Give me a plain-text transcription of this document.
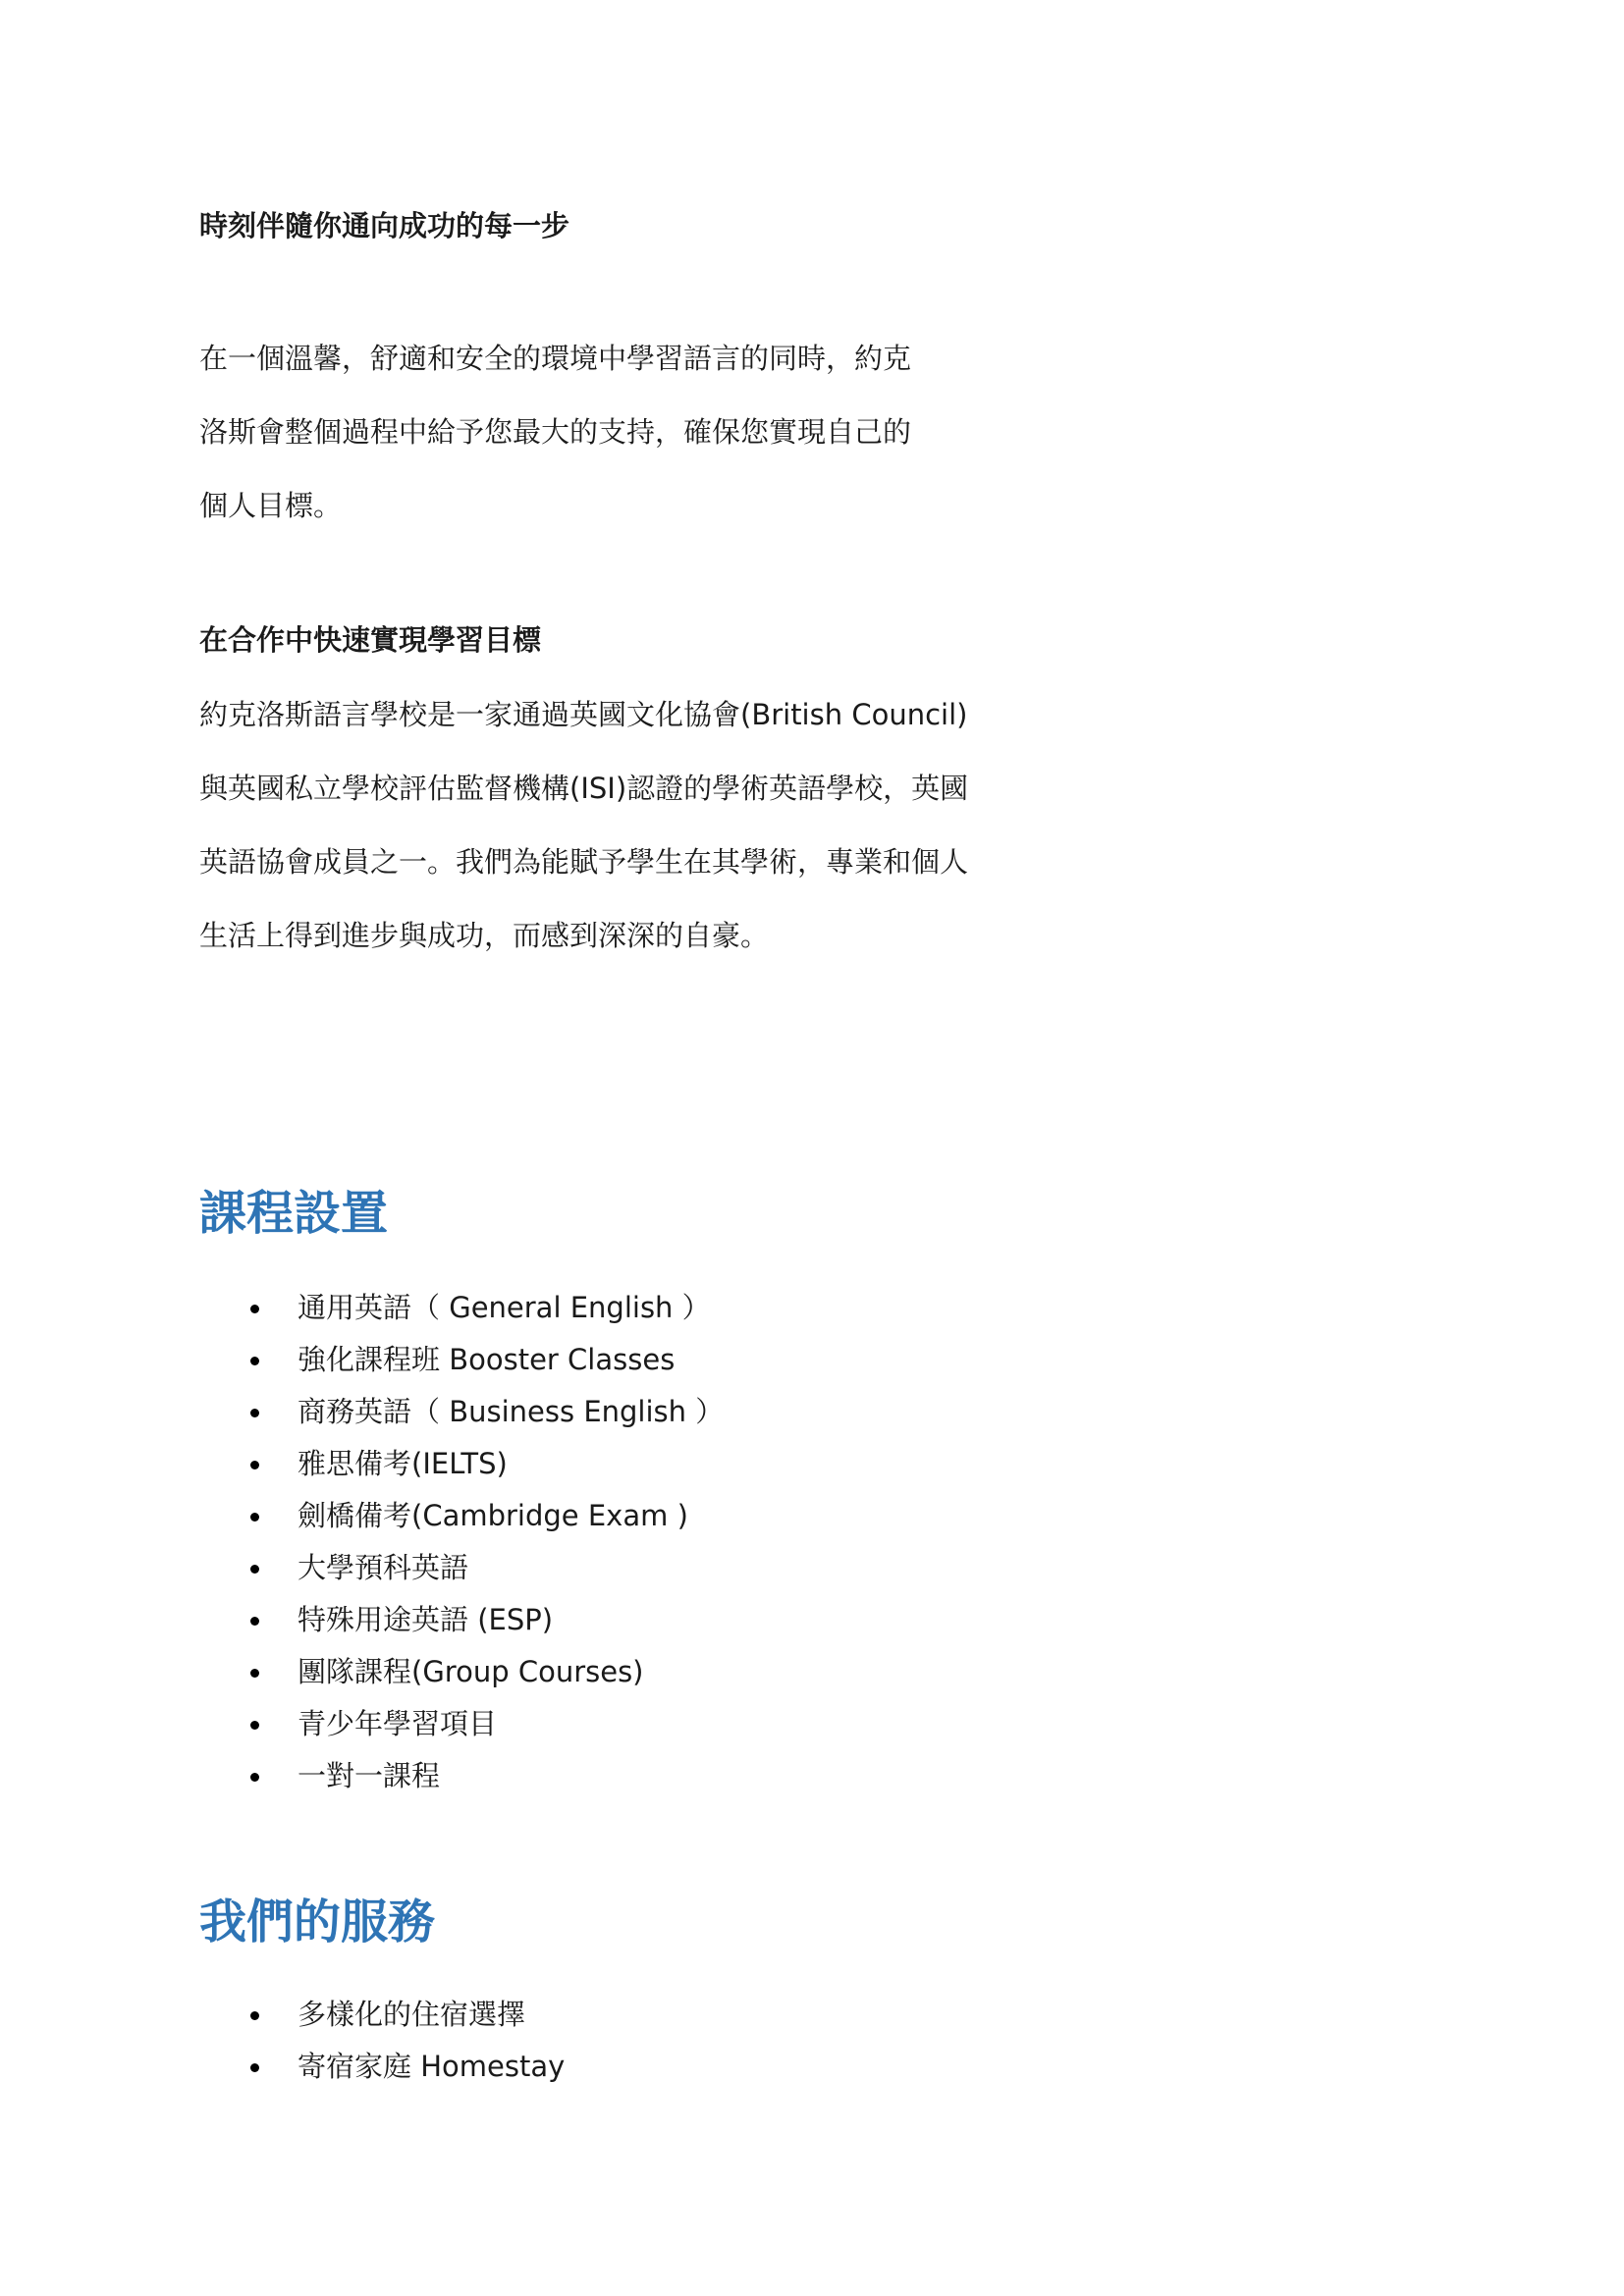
時刻伴隨你通向成功的每一步

在一個溫馨，舒適和安全的環境中學習語言的同時，約克
洛斯會整個過程中給予您最大的支持，確保您實現自己的
個人目標。

在合作中快速實現學習目標

約克洛斯語言學校是一家通過英國文化協會(British Council)
與英國私立學校評估監督機構(ISI)認證的學術英語學校，英國
英語協會成員之一。我們為能賦予學生在其學術，專業和個人
生活上得到進步與成功，而感到深深的自豪。
課程設置
通用英語（ General English ）
強化課程班 Booster Classes
商務英語（ Business English ）
雅思備考(IELTS)
劍橋備考(Cambridge Exam )
大學預科英語
特殊用途英語 (ESP)
團隊課程(Group Courses)
青少年學習項目
一對一課程
我們的服務
多樣化的住宿選擇
寄宿家庭 Homestay
